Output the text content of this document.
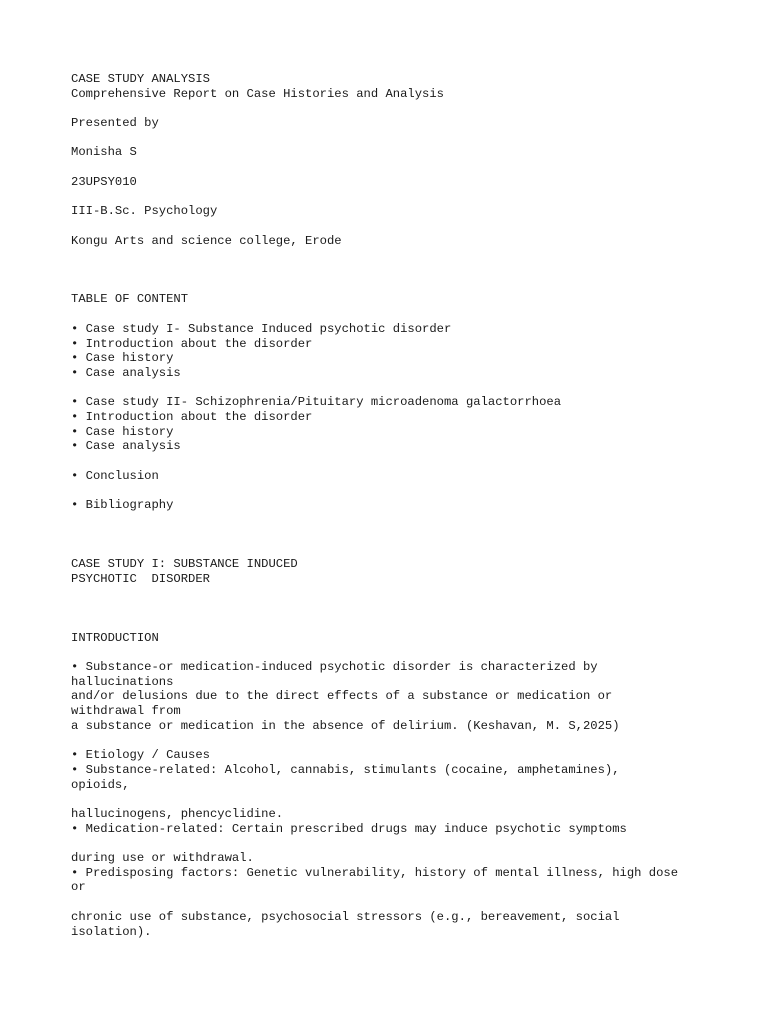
CASE STUDY ANALYSIS
Comprehensive Report on Case Histories and Analysis
Presented by
Monisha S
23UPSY010
III-B.Sc. Psychology
Kongu Arts and science college, Erode
TABLE OF CONTENT
• Case study I- Substance Induced psychotic disorder
• Introduction about the disorder
• Case history
• Case analysis
• Case study II- Schizophrenia/Pituitary microadenoma galactorrhoea
• Introduction about the disorder
• Case history
• Case analysis
• Conclusion
• Bibliography
CASE STUDY I: SUBSTANCE INDUCED
PSYCHOTIC  DISORDER
INTRODUCTION
• Substance-or medication-induced psychotic disorder is characterized by
hallucinations
and/or delusions due to the direct effects of a substance or medication or
withdrawal from
a substance or medication in the absence of delirium. (Keshavan, M. S,2025)
• Etiology / Causes
• Substance-related: Alcohol, cannabis, stimulants (cocaine, amphetamines),
opioids,
hallucinogens, phencyclidine.
• Medication-related: Certain prescribed drugs may induce psychotic symptoms
during use or withdrawal.
• Predisposing factors: Genetic vulnerability, history of mental illness, high dose
or
chronic use of substance, psychosocial stressors (e.g., bereavement, social
isolation).
